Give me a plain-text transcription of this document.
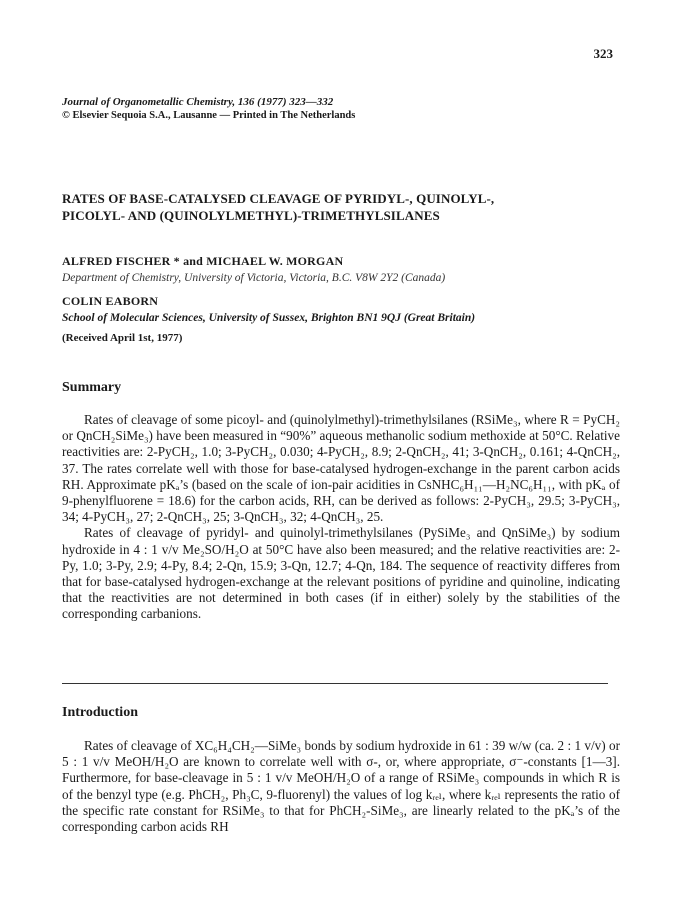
323
Journal of Organometallic Chemistry, 136 (1977) 323—332
© Elsevier Sequoia S.A., Lausanne — Printed in The Netherlands
RATES OF BASE-CATALYSED CLEAVAGE OF PYRIDYL-, QUINOLYL-,
PICOLYL- AND (QUINOLYLMETHYL)-TRIMETHYLSILANES
ALFRED FISCHER * and MICHAEL W. MORGAN
Department of Chemistry, University of Victoria, Victoria, B.C. V8W 2Y2 (Canada)
COLIN EABORN
School of Molecular Sciences, University of Sussex, Brighton BN1 9QJ (Great Britain)
(Received April 1st, 1977)
Summary

Rates of cleavage of some picoyl- and (quinolylmethyl)-trimethylsilanes (RSiMe₃, where R = PyCH₂ or QnCH₂SiMe₃) have been measured in “90%” aqueous methanolic sodium methoxide at 50°C. Relative reactivities are: 2-PyCH₂, 1.0; 3-PyCH₂, 0.030; 4-PyCH₂, 8.9; 2-QnCH₂, 41; 3-QnCH₂, 0.161; 4-QnCH₂, 37. The rates correlate well with those for base-catalysed hydrogen-exchange in the parent carbon acids RH. Approximate pKₐ’s (based on the scale of ion-pair acidities in CsNHC₆H₁₁—H₂NC₆H₁₁, with pKₐ of 9-phenylfluorene = 18.6) for the carbon acids, RH, can be derived as follows: 2-PyCH₃, 29.5; 3-PyCH₃, 34; 4-PyCH₃, 27; 2-QnCH₃, 25; 3-QnCH₃, 32; 4-QnCH₃, 25.

Rates of cleavage of pyridyl- and quinolyl-trimethylsilanes (PySiMe₃ and QnSiMe₃) by sodium hydroxide in 4 : 1 v/v Me₂SO/H₂O at 50°C have also been measured; and the relative reactivities are: 2-Py, 1.0; 3-Py, 2.9; 4-Py, 8.4; 2-Qn, 15.9; 3-Qn, 12.7; 4-Qn, 184. The sequence of reactivity differes from that for base-catalysed hydrogen-exchange at the relevant positions of pyridine and quinoline, indicating that the reactivities are not determined in both cases (if in either) solely by the stabilities of the corresponding carbanions.

Introduction

Rates of cleavage of XC₆H₄CH₂—SiMe₃ bonds by sodium hydroxide in 61 : 39 w/w (ca. 2 : 1 v/v) or 5 : 1 v/v MeOH/H₂O are known to correlate well with σ-, or, where appropriate, σ⁻-constants [1—3]. Furthermore, for base-cleavage in 5 : 1 v/v MeOH/H₂O of a range of RSiMe₃ compounds in which R is of the benzyl type (e.g. PhCH₂, Ph₃C, 9-fluorenyl) the values of log kᵣₑₗ, where kᵣₑₗ represents the ratio of the specific rate constant for RSiMe₃ to that for PhCH₂-SiMe₃, are linearly related to the pKₐ’s of the corresponding carbon acids RH
